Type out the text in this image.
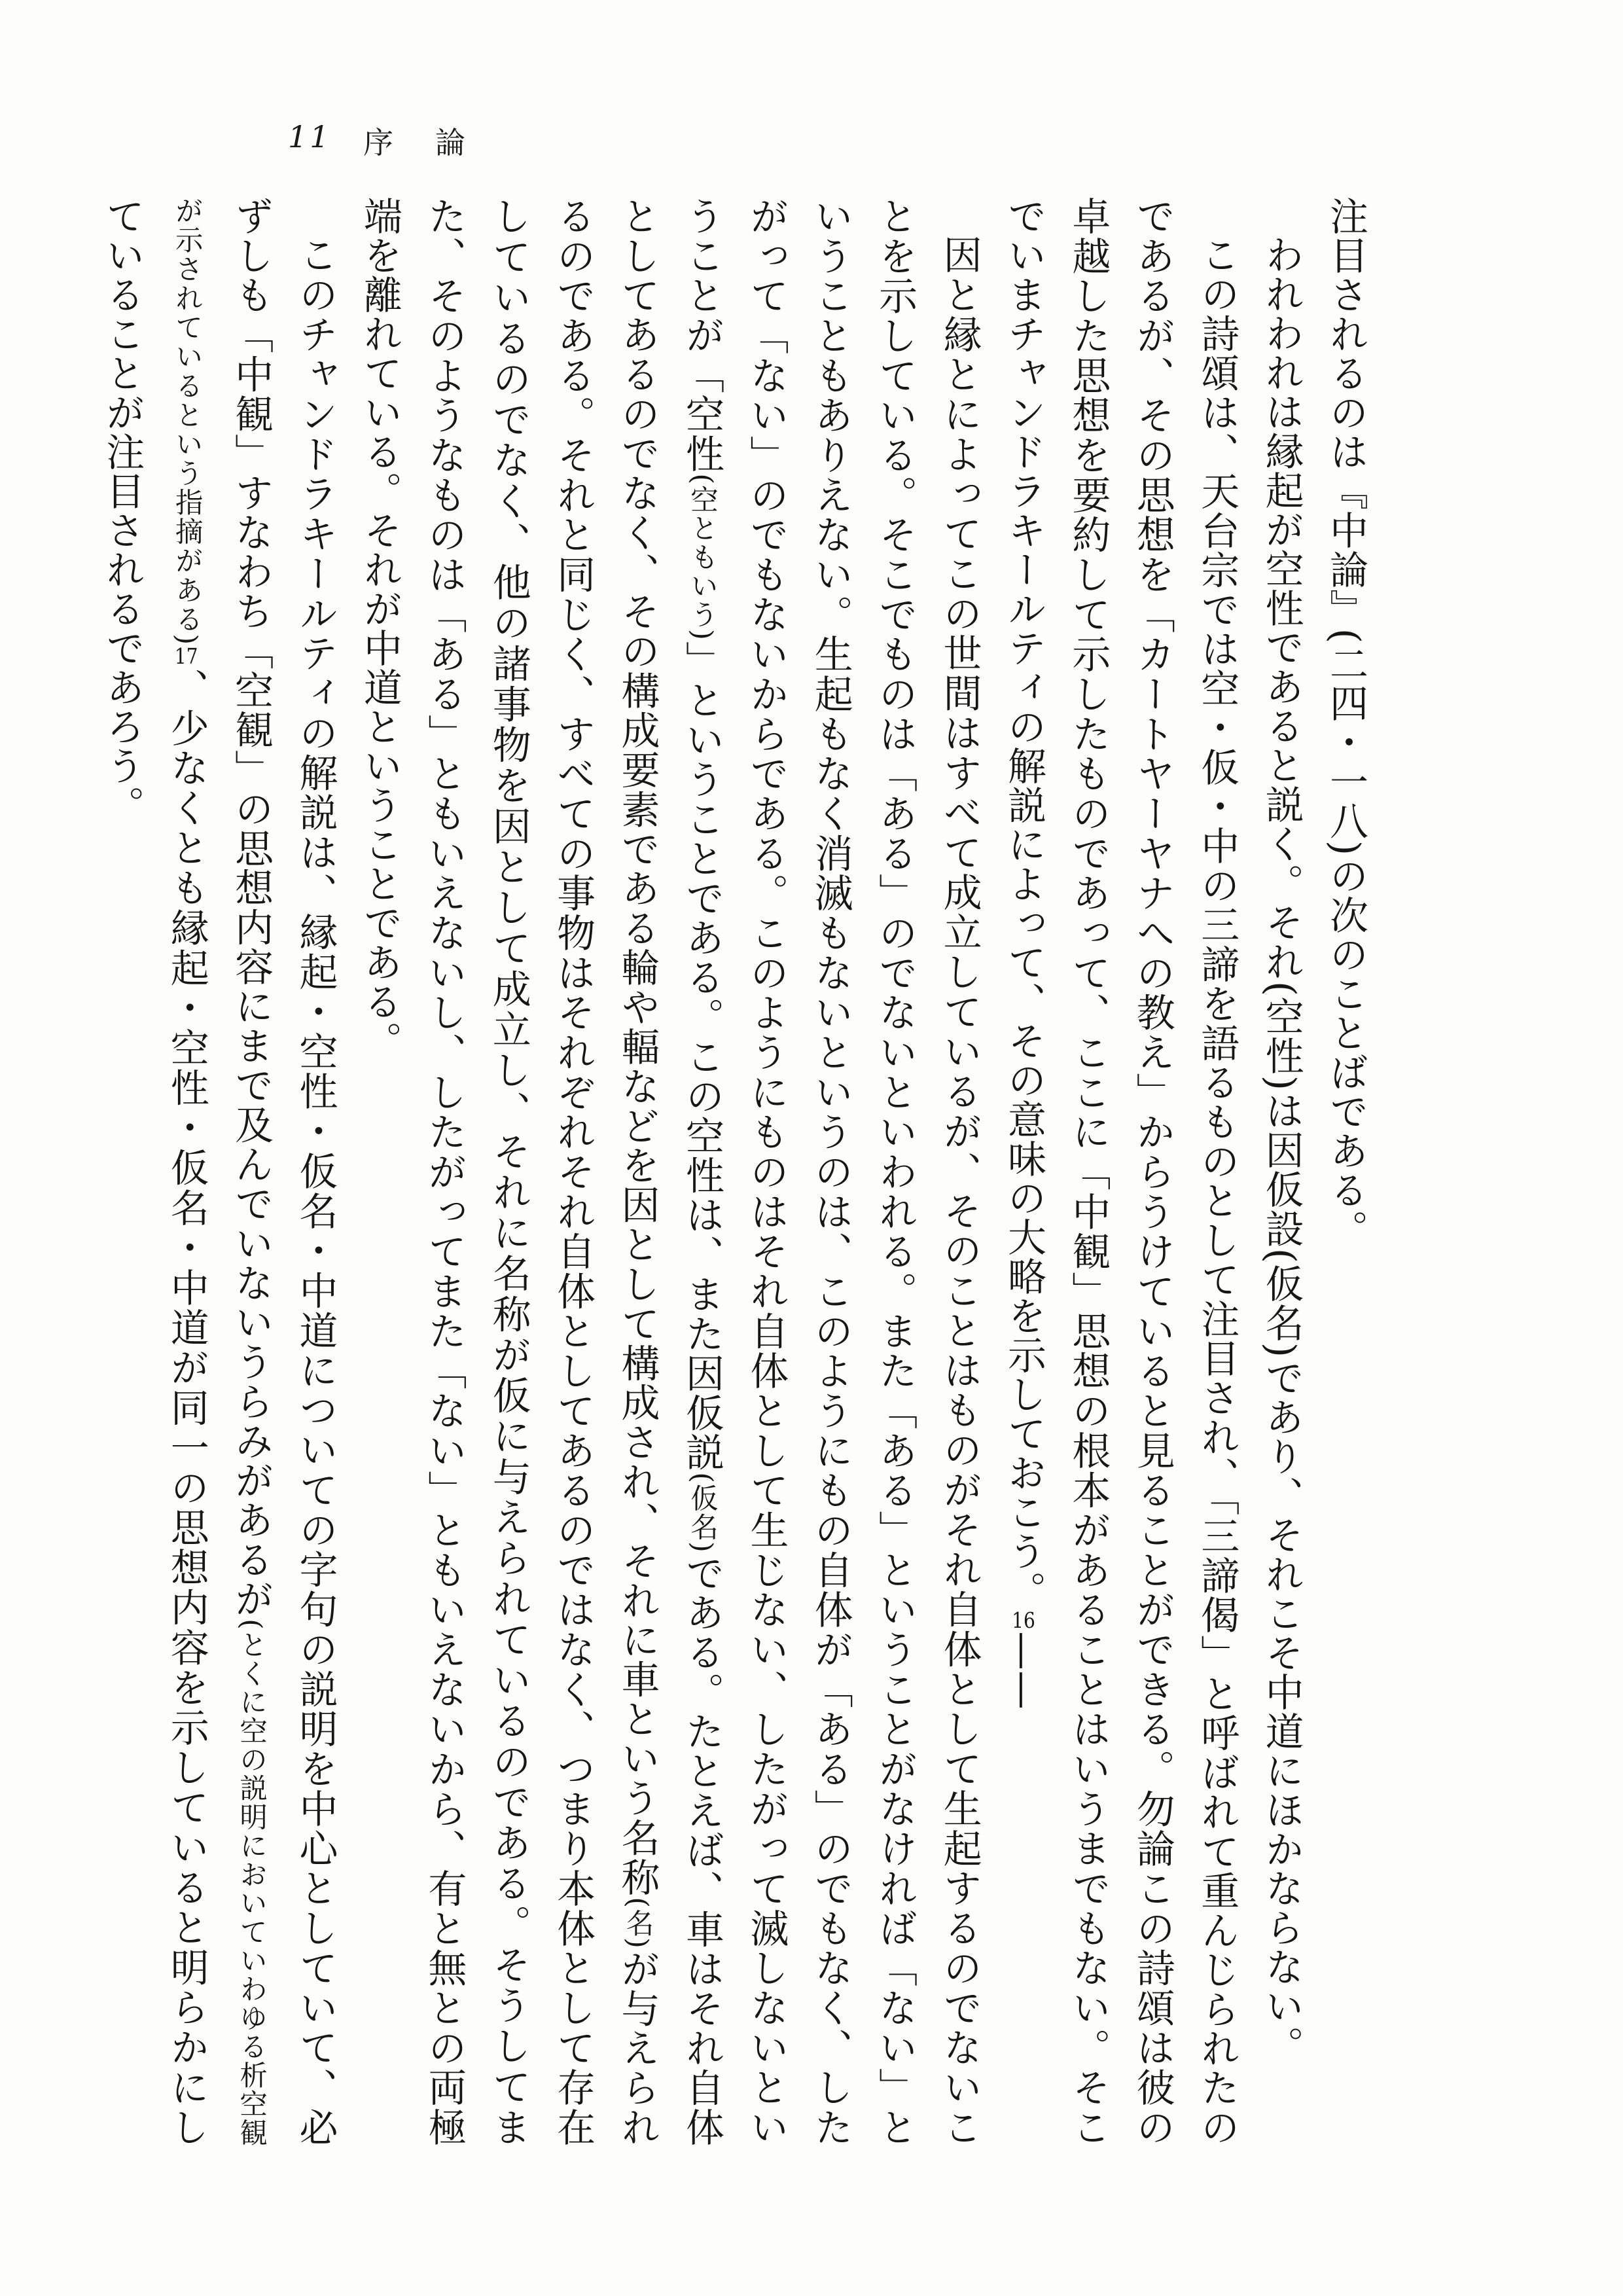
11 序論

注目されるのは『中論』(二四・一八)の次のことばである。

われわれは縁起が空性であると説く。それ(空性)は因仮設(仮名)であり、それこそ中道にほかならない。

この詩頌は、天台宗では空・仮・中の三諦を語るものとして注目され、「三諦偈」と呼ばれて重んじられたのであるが、その思想を「カートヤーヤナへの教え」からうけていると見ることができる。勿論この詩頌は彼の卓越した思想を要約して示したものであって、ここに「中観」思想の根本があることはいうまでもない。そこでいまチャンドラキールティの解説によって、その意味の大略を示しておこう。16——

因と縁とによってこの世間はすべて成立しているが、そのことはものがそれ自体として生起するのでないことを示している。そこでものは「ある」のでないといわれる。また「ある」ということがなければ「ない」ということもありえない。生起もなく消滅もないというのは、このようにもの自体が「ある」のでもなく、したがって「ない」のでもないからである。このようにものはそれ自体として生じない、したがって滅しないということが「空性(空ともいう)」ということである。この空性は、また因仮説(仮名)である。たとえば、車はそれ自体としてあるのでなく、その構成要素である輪や輻などを因として構成され、それに車という名称(名)が与えられるのである。それと同じく、すべての事物はそれぞれそれ自体としてあるのではなく、つまり本体として存在しているのでなく、他の諸事物を因として成立し、それに名称が仮に与えられているのである。そうしてまた、そのようなものは「ある」ともいえないし、したがってまた「ない」ともいえないから、有と無との両極端を離れている。それが中道ということである。

このチャンドラキールティの解説は、縁起・空性・仮名・中道についての字句の説明を中心としていて、必ずしも「中観」すなわち「空観」の思想内容にまで及んでいないうらみがあるが(とくに空の説明においていわゆる析空観が示されているという指摘がある)17、少なくとも縁起・空性・仮名・中道が同一の思想内容を示していると明らかにしていることが注目されるであろう。
